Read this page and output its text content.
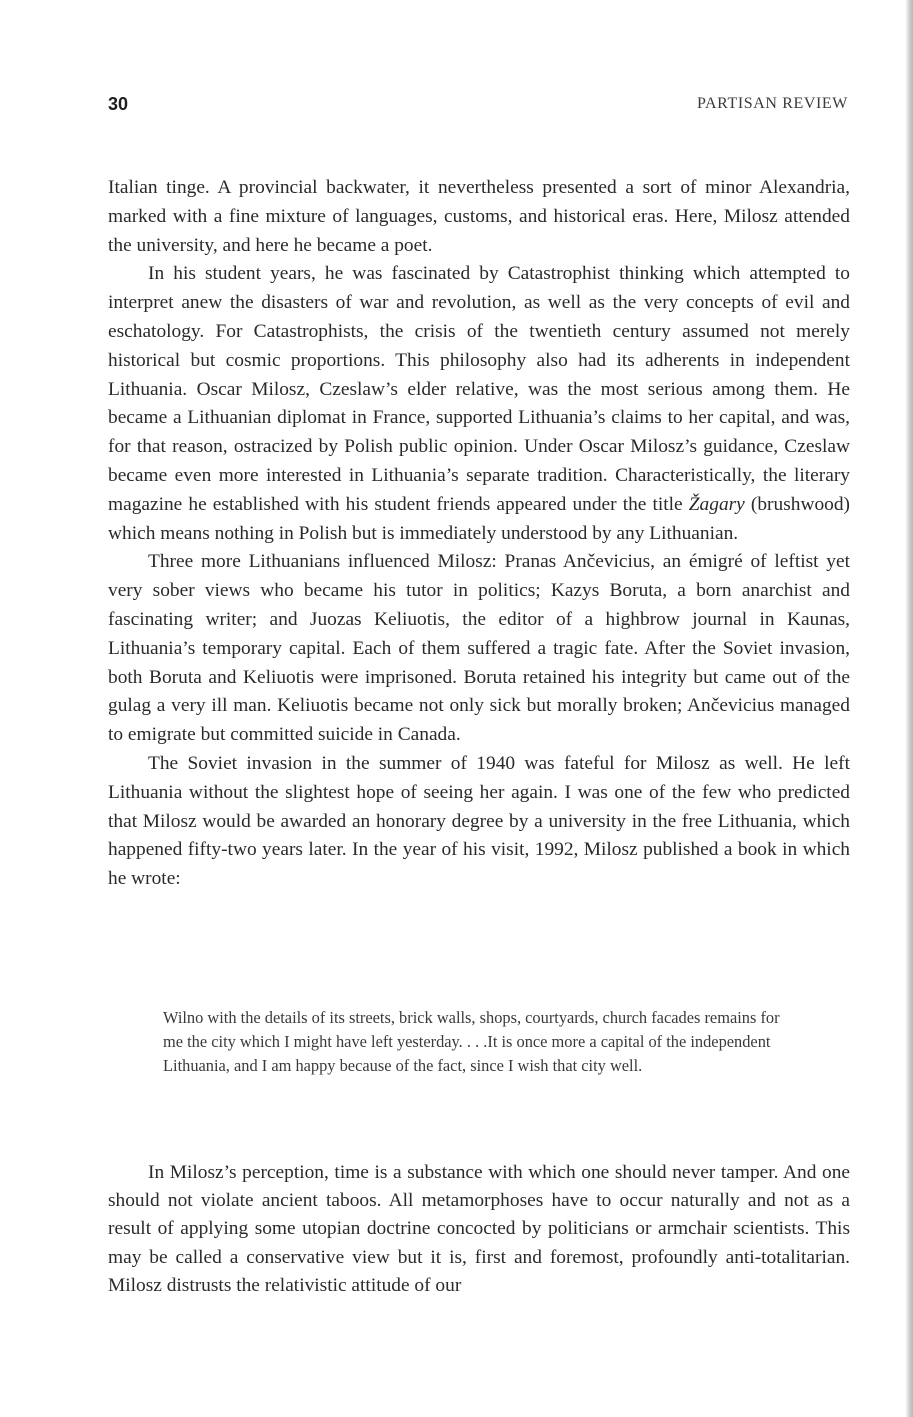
30	PARTISAN REVIEW

Italian tinge. A provincial backwater, it nevertheless presented a sort of minor Alexandria, marked with a fine mixture of languages, customs, and historical eras. Here, Milosz attended the university, and here he became a poet.

In his student years, he was fascinated by Catastrophist thinking which attempted to interpret anew the disasters of war and revolution, as well as the very concepts of evil and eschatology. For Catastrophists, the crisis of the twentieth century assumed not merely historical but cosmic proportions. This philosophy also had its adherents in independent Lithuania. Oscar Milosz, Czeslaw’s elder relative, was the most serious among them. He became a Lithuanian diplomat in France, supported Lithuania’s claims to her capital, and was, for that reason, ostracized by Polish public opinion. Under Oscar Milosz’s guidance, Czeslaw became even more interested in Lithuania’s separate tradition. Characteristically, the literary magazine he established with his student friends appeared under the title Žagary (brushwood) which means nothing in Polish but is immediately understood by any Lithuanian.

Three more Lithuanians influenced Milosz: Pranas Ančevicius, an émigré of leftist yet very sober views who became his tutor in politics; Kazys Boruta, a born anarchist and fascinating writer; and Juozas Keliuotis, the editor of a highbrow journal in Kaunas, Lithuania’s temporary capital. Each of them suffered a tragic fate. After the Soviet invasion, both Boruta and Keliuotis were imprisoned. Boruta retained his integrity but came out of the gulag a very ill man. Keliuotis became not only sick but morally broken; Ančevicius managed to emigrate but committed suicide in Canada.

The Soviet invasion in the summer of 1940 was fateful for Milosz as well. He left Lithuania without the slightest hope of seeing her again. I was one of the few who predicted that Milosz would be awarded an honorary degree by a university in the free Lithuania, which happened fifty-two years later. In the year of his visit, 1992, Milosz published a book in which he wrote:

Wilno with the details of its streets, brick walls, shops, courtyards, church facades remains for me the city which I might have left yesterday. . . .It is once more a capital of the independent Lithuania, and I am happy because of the fact, since I wish that city well.

In Milosz’s perception, time is a substance with which one should never tamper. And one should not violate ancient taboos. All metamorphoses have to occur naturally and not as a result of applying some utopian doctrine concocted by politicians or armchair scientists. This may be called a conservative view but it is, first and foremost, profoundly anti-totalitarian. Milosz distrusts the relativistic attitude of our
